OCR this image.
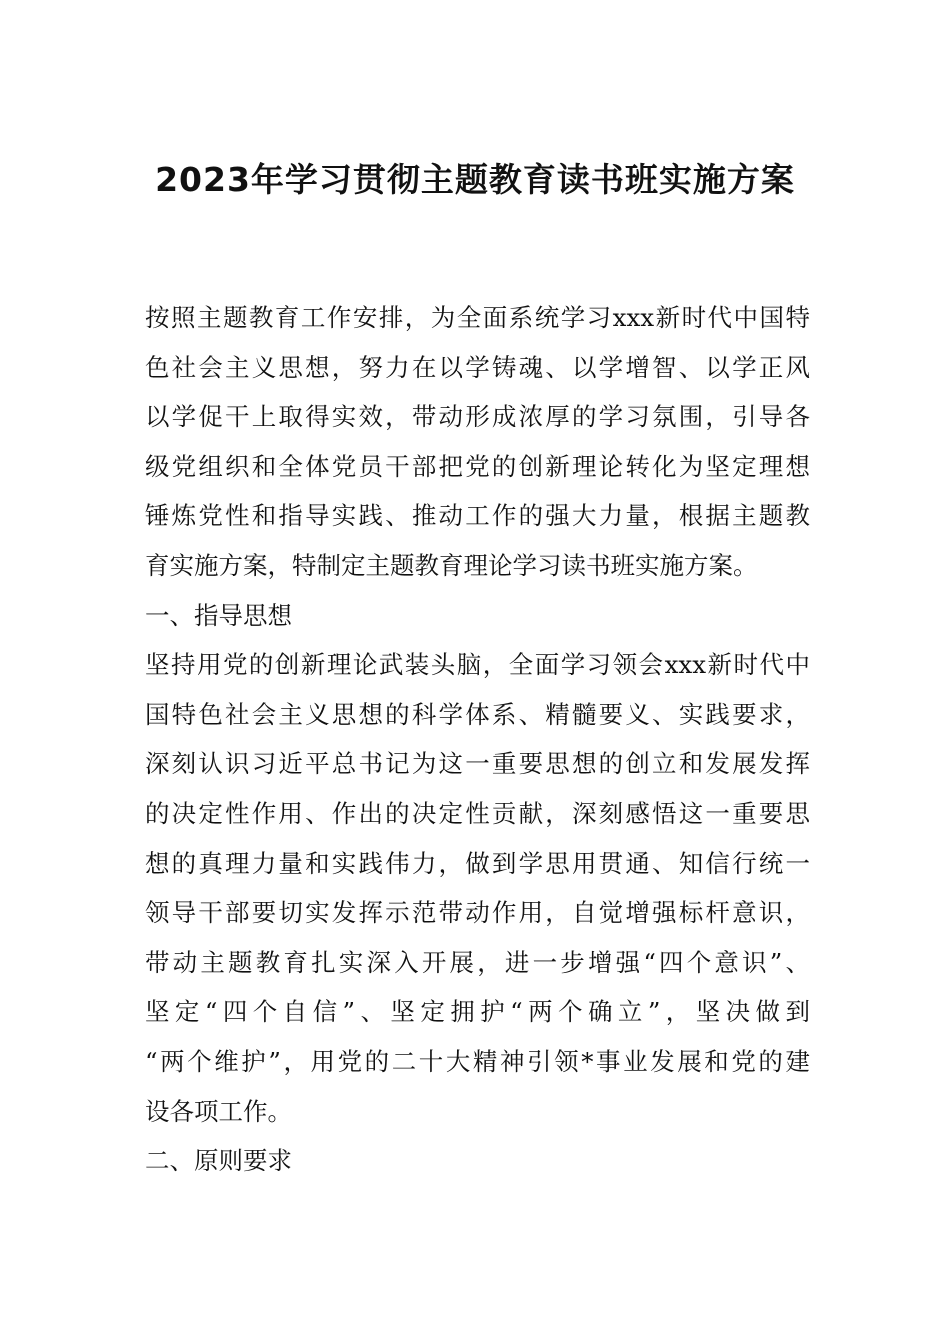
2023年学习贯彻主题教育读书班实施方案
按照主题教育工作安排，为全面系统学习xxx新时代中国特
色社会主义思想，努力在以学铸魂、以学增智、以学正风
以学促干上取得实效，带动形成浓厚的学习氛围，引导各
级党组织和全体党员干部把党的创新理论转化为坚定理想
锤炼党性和指导实践、推动工作的强大力量，根据主题教
育实施方案，特制定主题教育理论学习读书班实施方案。
一、指导思想
坚持用党的创新理论武装头脑，全面学习领会xxx新时代中
国特色社会主义思想的科学体系、精髓要义、实践要求，
深刻认识习近平总书记为这一重要思想的创立和发展发挥
的决定性作用、作出的决定性贡献，深刻感悟这一重要思
想的真理力量和实践伟力，做到学思用贯通、知信行统一
领导干部要切实发挥示范带动作用，自觉增强标杆意识，
带动主题教育扎实深入开展，进一步增强“四个意识”、
坚定“四个自信”、坚定拥护“两个确立”，坚决做到
“两个维护”，用党的二十大精神引领*事业发展和党的建
设各项工作。
二、原则要求
